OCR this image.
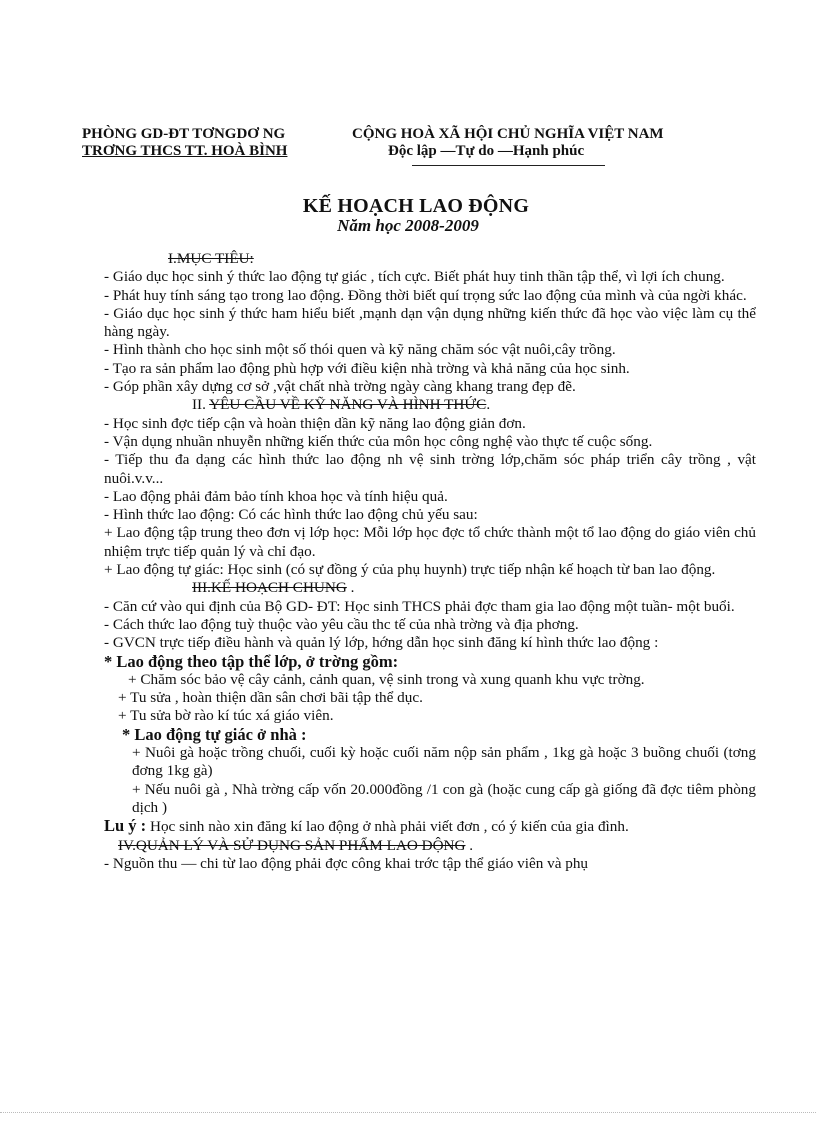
PHÒNG GD-ĐT TƠNGDƠ NG
TRƠNG THCS TT. HOÀ BÌNH
CỘNG HOÀ XÃ HỘI CHỦ NGHĨA VIỆT NAM
Độc lập —Tự do —Hạnh phúc
KẾ HOẠCH LAO ĐỘNG
Năm học 2008-2009

I.MỤC TIÊU:

- Giáo dục học sinh ý thức lao động tự giác , tích cực. Biết phát huy tinh thần tập thể, vì lợi ích chung.

- Phát huy tính sáng tạo trong lao động. Đồng thời biết quí trọng sức lao động của mình và của ngời khác.

- Giáo dục học sinh ý thức ham hiểu biết ,mạnh dạn vận dụng những kiến thức đã học vào việc làm cụ thể hàng ngày.

- Hình thành cho học sinh một số thói quen và kỹ năng chăm sóc vật nuôi,cây trồng.

- Tạo ra sản phẩm lao động phù hợp với điều kiện nhà trờng và khả năng của học sinh.

- Góp phần xây dựng cơ sở ,vật chất nhà trờng ngày càng khang trang đẹp đẽ.

II. YÊU CẦU VỀ KỸ NĂNG VÀ HÌNH THỨC.

- Học sinh đợc tiếp cận và hoàn thiện dần kỹ năng lao động giản đơn.

- Vận dụng nhuần nhuyễn những kiến thức của môn học công nghệ vào thực tế cuộc sống.

- Tiếp thu đa dạng các hình thức lao động nh vệ sinh trờng lớp,chăm sóc pháp triển cây trồng , vật nuôi.v.v...

- Lao động phải đảm bảo tính khoa học và tính hiệu quả.

- Hình thức lao động: Có các hình thức lao động chủ yếu sau:

+ Lao động tập trung theo đơn vị lớp học: Mỗi lớp học đợc tổ chức thành một tổ lao động do giáo viên chủ nhiệm trực tiếp quản lý và chỉ đạo.

+ Lao động tự giác: Học sinh (có sự đồng ý của phụ huynh) trực tiếp nhận kế hoạch từ ban lao động.

III.KẾ HOẠCH CHUNG .

- Căn cứ vào qui định của Bộ GD- ĐT: Học sinh THCS phải đợc tham gia lao động một tuần- một buổi.

- Cách thức lao động tuỳ thuộc vào yêu cầu thc tế của nhà trờng và địa phơng.

- GVCN trực tiếp điều hành và quản lý lớp, hớng dẫn học sinh đăng kí hình thức lao động :

* Lao động theo tập thể lớp, ở trờng gồm:

+ Chăm sóc bảo vệ cây cảnh, cảnh quan, vệ sinh trong và xung quanh khu vực trờng.

+ Tu sửa , hoàn thiện dần sân chơi bãi tập thể dục.

+ Tu sửa bờ rào kí túc xá giáo viên.

* Lao động tự giác ở nhà :

+ Nuôi gà hoặc trồng chuối, cuối kỳ hoặc cuối năm nộp sản phẩm , 1kg gà hoặc 3 buồng chuối (tơng đơng 1kg gà)

+ Nếu nuôi gà , Nhà trờng cấp vốn 20.000đồng /1 con gà (hoặc cung cấp gà giống đã đợc tiêm phòng dịch )

Lu ý : Học sinh nào xin đăng kí lao động ở nhà phải viết đơn , có ý kiến của gia đình.

IV.QUẢN LÝ VÀ SỬ DỤNG SẢN PHẨM LAO ĐỘNG .

- Nguồn thu — chi từ lao động phải đợc công khai trớc tập thể giáo viên và phụ
